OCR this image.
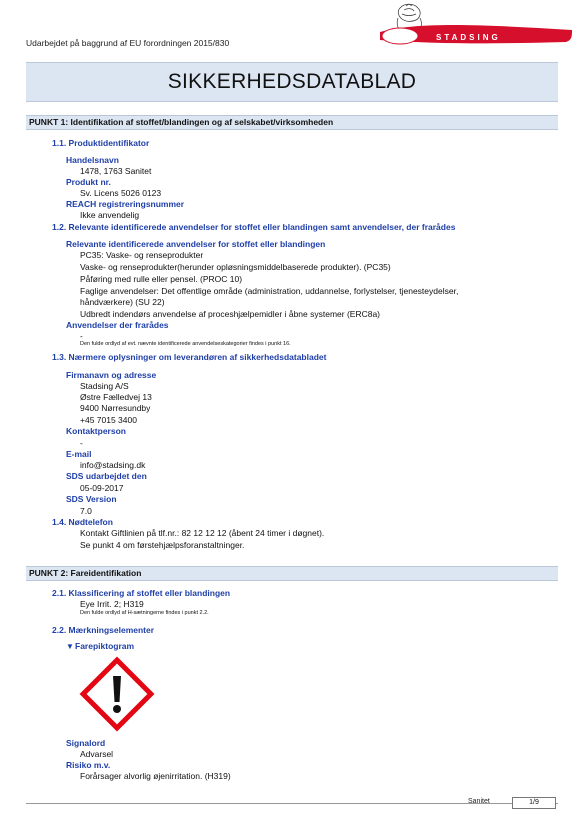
Udarbejdet på baggrund af EU forordningen 2015/830
STADSING
SIKKERHEDSDATABLAD
PUNKT 1: Identifikation af stoffet/blandingen og af selskabet/virksomheden
1.1. Produktidentifikator
Handelsnavn
1478, 1763 Sanitet
Produkt nr.
Sv. Licens 5026 0123
REACH registreringsnummer
Ikke anvendelig
1.2. Relevante identificerede anvendelser for stoffet eller blandingen samt anvendelser, der frarådes
Relevante identificerede anvendelser for stoffet eller blandingen
PC35: Vaske- og renseprodukter
Vaske- og renseprodukter(herunder opløsningsmiddelbaserede produkter). (PC35)
Påføring med rulle eller pensel. (PROC 10)
Faglige anvendelser: Det offentlige område (administration, uddannelse, forlystelser, tjenesteydelser,
håndværkere) (SU 22)
Udbredt indendørs anvendelse af proceshjælpemidler i åbne systemer (ERC8a)
Anvendelser der frarådes
-
Den fulde ordlyd af evt. nævnte identificerede anvendelseskategorier findes i punkt 16.
1.3. Nærmere oplysninger om leverandøren af sikkerhedsdatabladet
Firmanavn og adresse
Stadsing A/S
Østre Fælledvej 13
9400 Nørresundby
+45 7015 3400
Kontaktperson
-
E-mail
info@stadsing.dk
SDS udarbejdet den
05-09-2017
SDS Version
7.0
1.4. Nødtelefon
Kontakt Giftlinien på tlf.nr.: 82 12 12 12 (åbent 24 timer i døgnet).
Se punkt 4 om førstehjælpsforanstaltninger.
PUNKT 2: Fareidentifikation
2.1. Klassificering af stoffet eller blandingen
Eye Irrit. 2; H319
Den fulde ordlyd af H-sætningerne findes i punkt 2.2.
2.2. Mærkningselementer
▼ Farepiktogram
Signalord
Advarsel
Risiko m.v.
Forårsager alvorlig øjenirritation. (H319)
Sanitet	1/9
